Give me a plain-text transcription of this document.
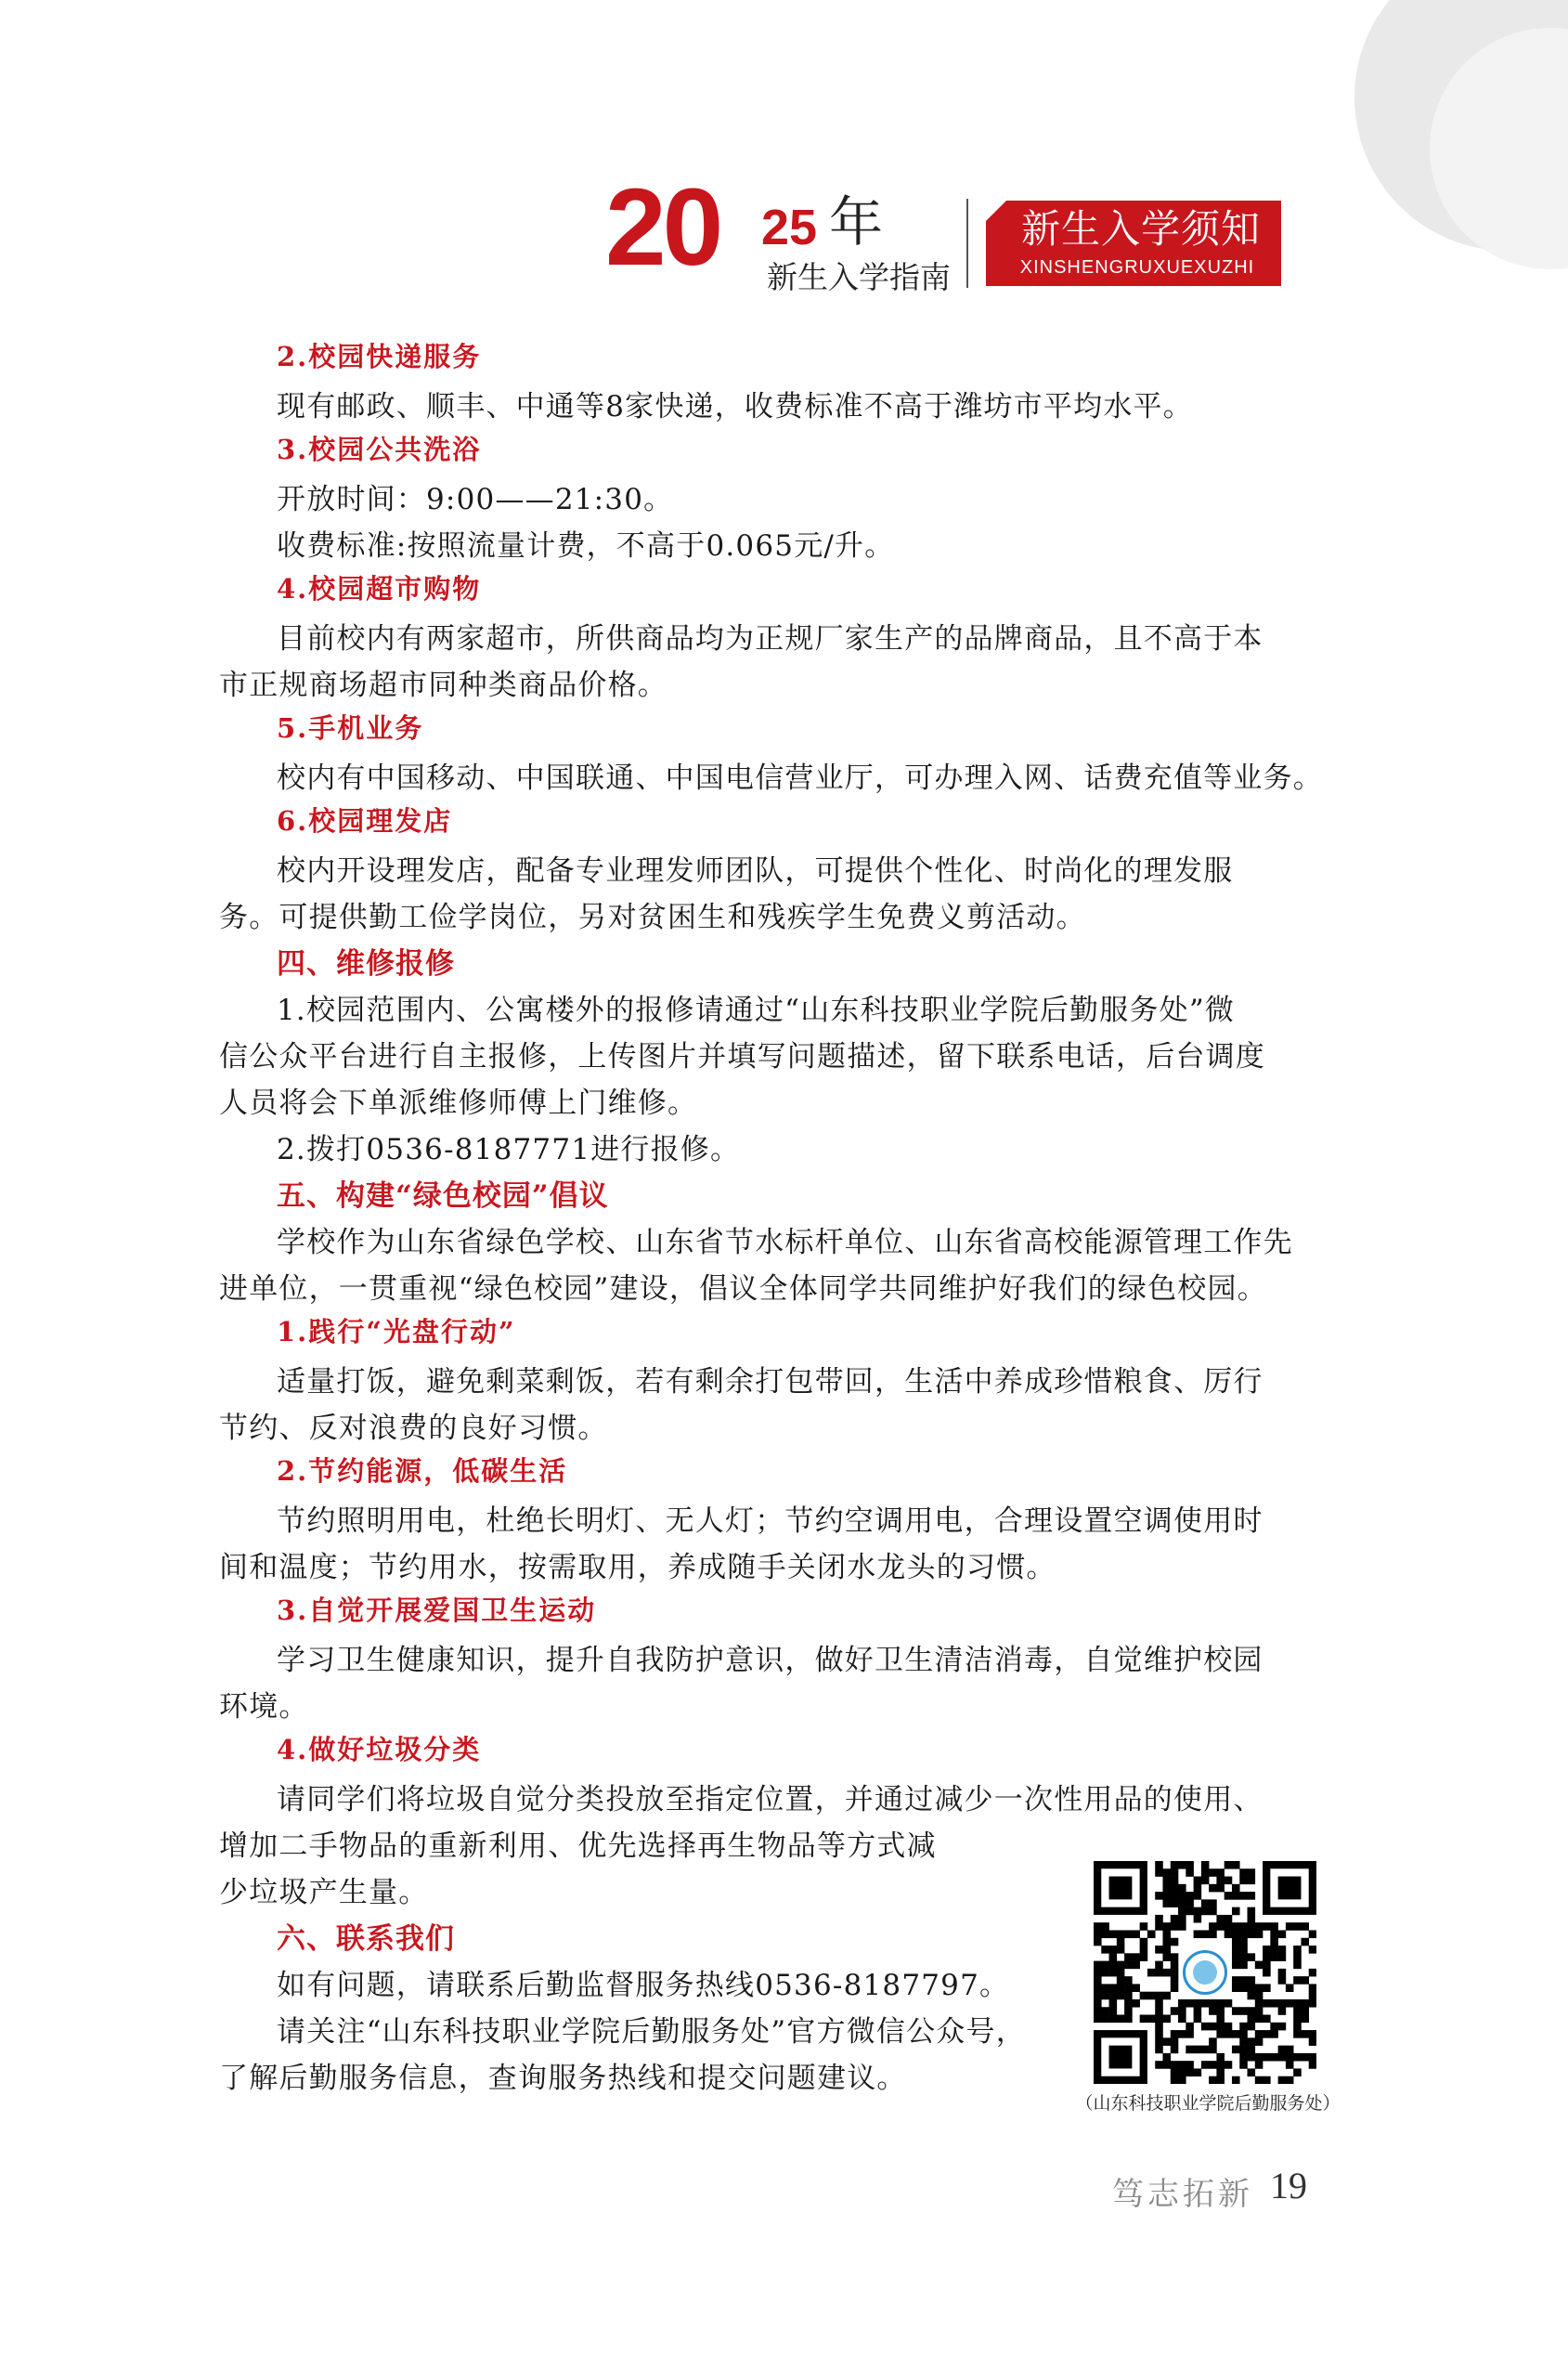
20 25 年
新生入学指南
新生入学须知
XINSHENGRUXUEXUZHI
2.校园快递服务
现有邮政、顺丰、中通等8家快递，收费标准不高于潍坊市平均水平。
3.校园公共洗浴
开放时间：9:00——21:30。
收费标准:按照流量计费，不高于0.065元/升。
4.校园超市购物
目前校内有两家超市，所供商品均为正规厂家生产的品牌商品，且不高于本
市正规商场超市同种类商品价格。
5.手机业务
校内有中国移动、中国联通、中国电信营业厅，可办理入网、话费充值等业务。
6.校园理发店
校内开设理发店，配备专业理发师团队，可提供个性化、时尚化的理发服
务。可提供勤工俭学岗位，另对贫困生和残疾学生免费义剪活动。
四、维修报修
1.校园范围内、公寓楼外的报修请通过“山东科技职业学院后勤服务处”微
信公众平台进行自主报修，上传图片并填写问题描述，留下联系电话，后台调度
人员将会下单派维修师傅上门维修。
2.拨打0536-8187771进行报修。
五、构建“绿色校园”倡议
学校作为山东省绿色学校、山东省节水标杆单位、山东省高校能源管理工作先
进单位，一贯重视“绿色校园”建设，倡议全体同学共同维护好我们的绿色校园。
1.践行“光盘行动”
适量打饭，避免剩菜剩饭，若有剩余打包带回，生活中养成珍惜粮食、厉行
节约、反对浪费的良好习惯。
2.节约能源，低碳生活
节约照明用电，杜绝长明灯、无人灯；节约空调用电，合理设置空调使用时
间和温度；节约用水，按需取用，养成随手关闭水龙头的习惯。
3.自觉开展爱国卫生运动
学习卫生健康知识，提升自我防护意识，做好卫生清洁消毒，自觉维护校园
环境。
4.做好垃圾分类
请同学们将垃圾自觉分类投放至指定位置，并通过减少一次性用品的使用、
增加二手物品的重新利用、优先选择再生物品等方式减
少垃圾产生量。
六、联系我们
如有问题，请联系后勤监督服务热线0536-8187797。
请关注“山东科技职业学院后勤服务处”官方微信公众号，
了解后勤服务信息，查询服务热线和提交问题建议。
（山东科技职业学院后勤服务处）
笃志拓新 19
